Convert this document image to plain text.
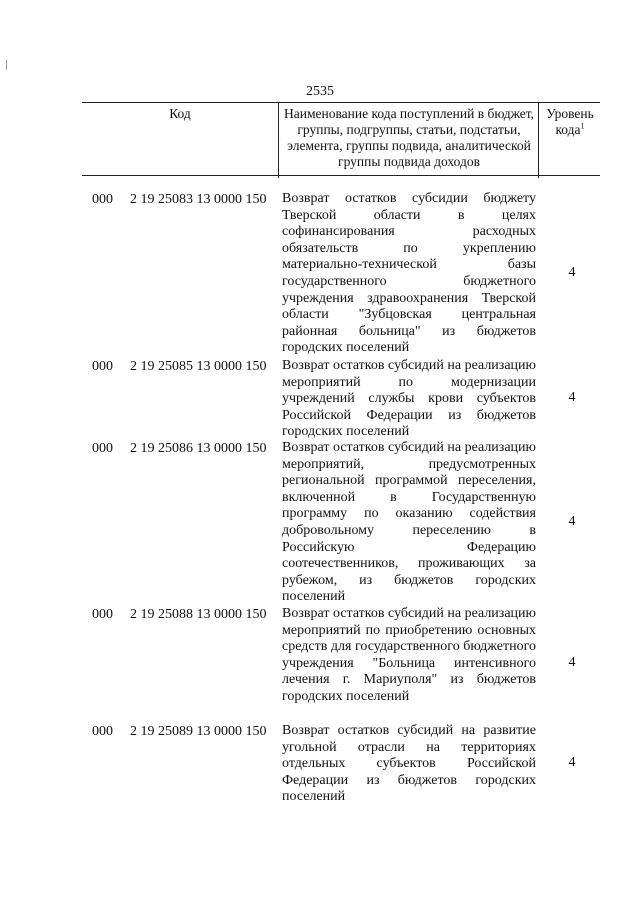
2535
Код	Наименование кода поступлений в бюджет, группы, подгруппы, статьи, подстатьи, элемента, группы подвида, аналитической группы подвида доходов
Уровень кода$^1$
000 2 19 25083 13 0000 150 Возврат остатков субсидии бюджету Тверской области в целях софинансирования расходных обязательств по укреплению материально-технической базы государственного бюджетного учреждения здравоохранения Тверской области "Зубцовская центральная районная больница" из бюджетов городских поселений
4
000 2 19 25085 13 0000 150 Возврат остатков субсидий на реализацию мероприятий по модернизации учреждений службы крови субъектов Российской Федерации из бюджетов городских поселений
4
000 2 19 25086 13 0000 150 Возврат остатков субсидий на реализацию мероприятий, предусмотренных региональной программой переселения, включенной в Государственную программу по оказанию содействия добровольному переселению в Российскую Федерацию соотечественников, проживающих за рубежом, из бюджетов городских поселений
4
000 2 19 25088 13 0000 150 Возврат остатков субсидий на реализацию мероприятий по приобретению основных средств для государственного бюджетного учреждения "Больница интенсивного лечения г. Мариуполя" из бюджетов городских поселений
4
000 2 19 25089 13 0000 150 Возврат остатков субсидий на развитие угольной отрасли на территориях отдельных субъектов Российской Федерации из бюджетов городских поселений
4
